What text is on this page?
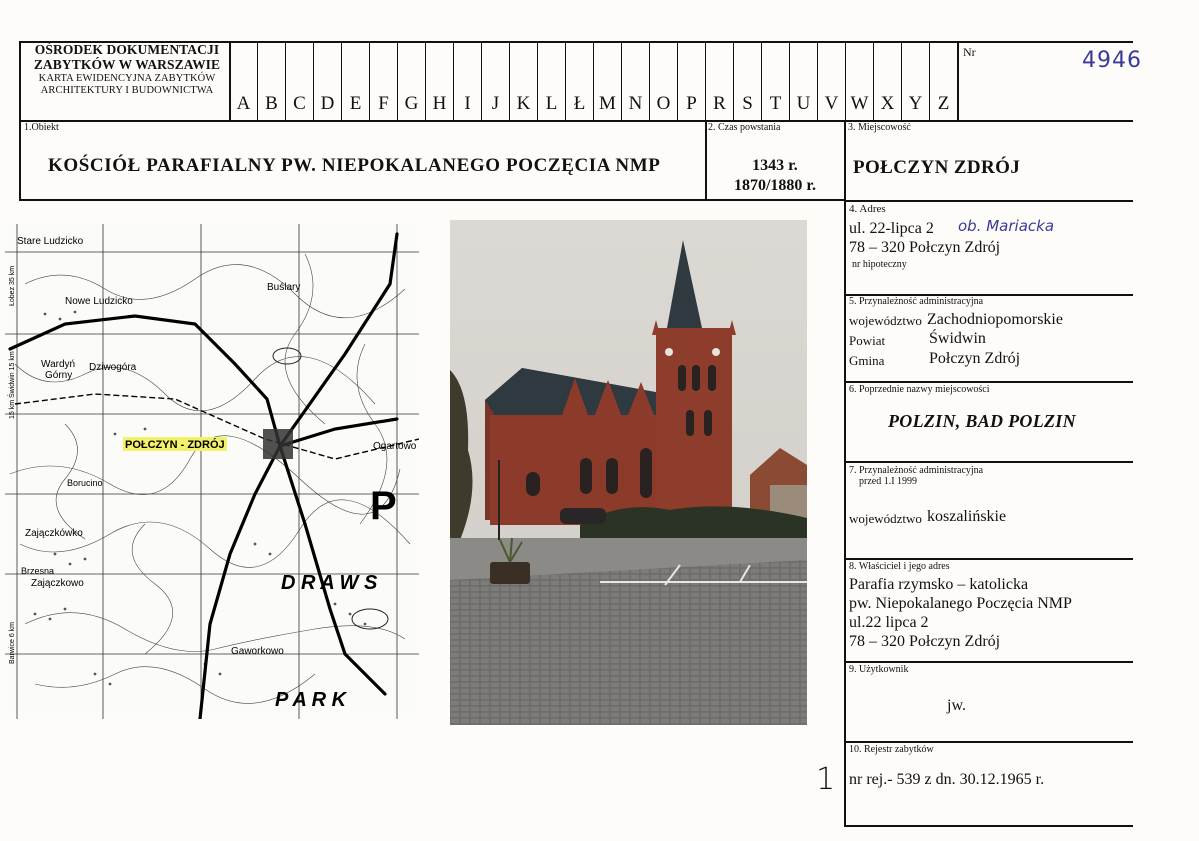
OŚRODEK DOKUMENTACJI
ZABYTKÓW W WARSZAWIE
KARTA EWIDENCYJNA ZABYTKÓW
ARCHITEKTURY I BUDOWNICTWA
A B C D E F G H I	J K L Ł M N O P R S T U V W X Y Z
Nr	4946
1.Obiekt
KOŚCIÓŁ PARAFIALNY PW. NIEPOKALANEGO POCZĘCIA NMP
2. Czas powstania
1343 r.
1870/1880 r.
3. Miejscowość
POŁCZYN ZDRÓJ
4. Adres
ul. 22-lipca 2 ob. Mariacka
78 – 320 Połczyn Zdrój
nr hipoteczny
5. Przynależność administracyjna
województwo Zachodniopomorskie
Powiat	Świdwin
Gmina	Połczyn Zdrój
6. Poprzednie nazwy miejscowości
POLZIN, BAD POLZIN
7. Przynależność administracyjna
przed 1.I 1999
województwo koszalińskie
8. Właściciel i jego adres
Parafia rzymsko – katolicka
pw. Niepokalanego Poczęcia NMP
ul.22 lipca 2
78 – 320 Połczyn Zdrój
9. Użytkownik
jw.
10. Rejestr zabytków
nr rej.- 539 z dn. 30.12.1965 r.
1
Stare Ludzicko
Nowe Ludzicko
Buślary
Wardyń
Górny
Dziwogóra
POŁCZYN - ZDRÓJ	Ogartowo
Borucino
Zajączkówko
Zajączkowo
Brzesna
Gaworkowo
D R A W S
P A R K
P
Łobez 35 km
15 km Świdwin 15 km
Barwice 6 km
